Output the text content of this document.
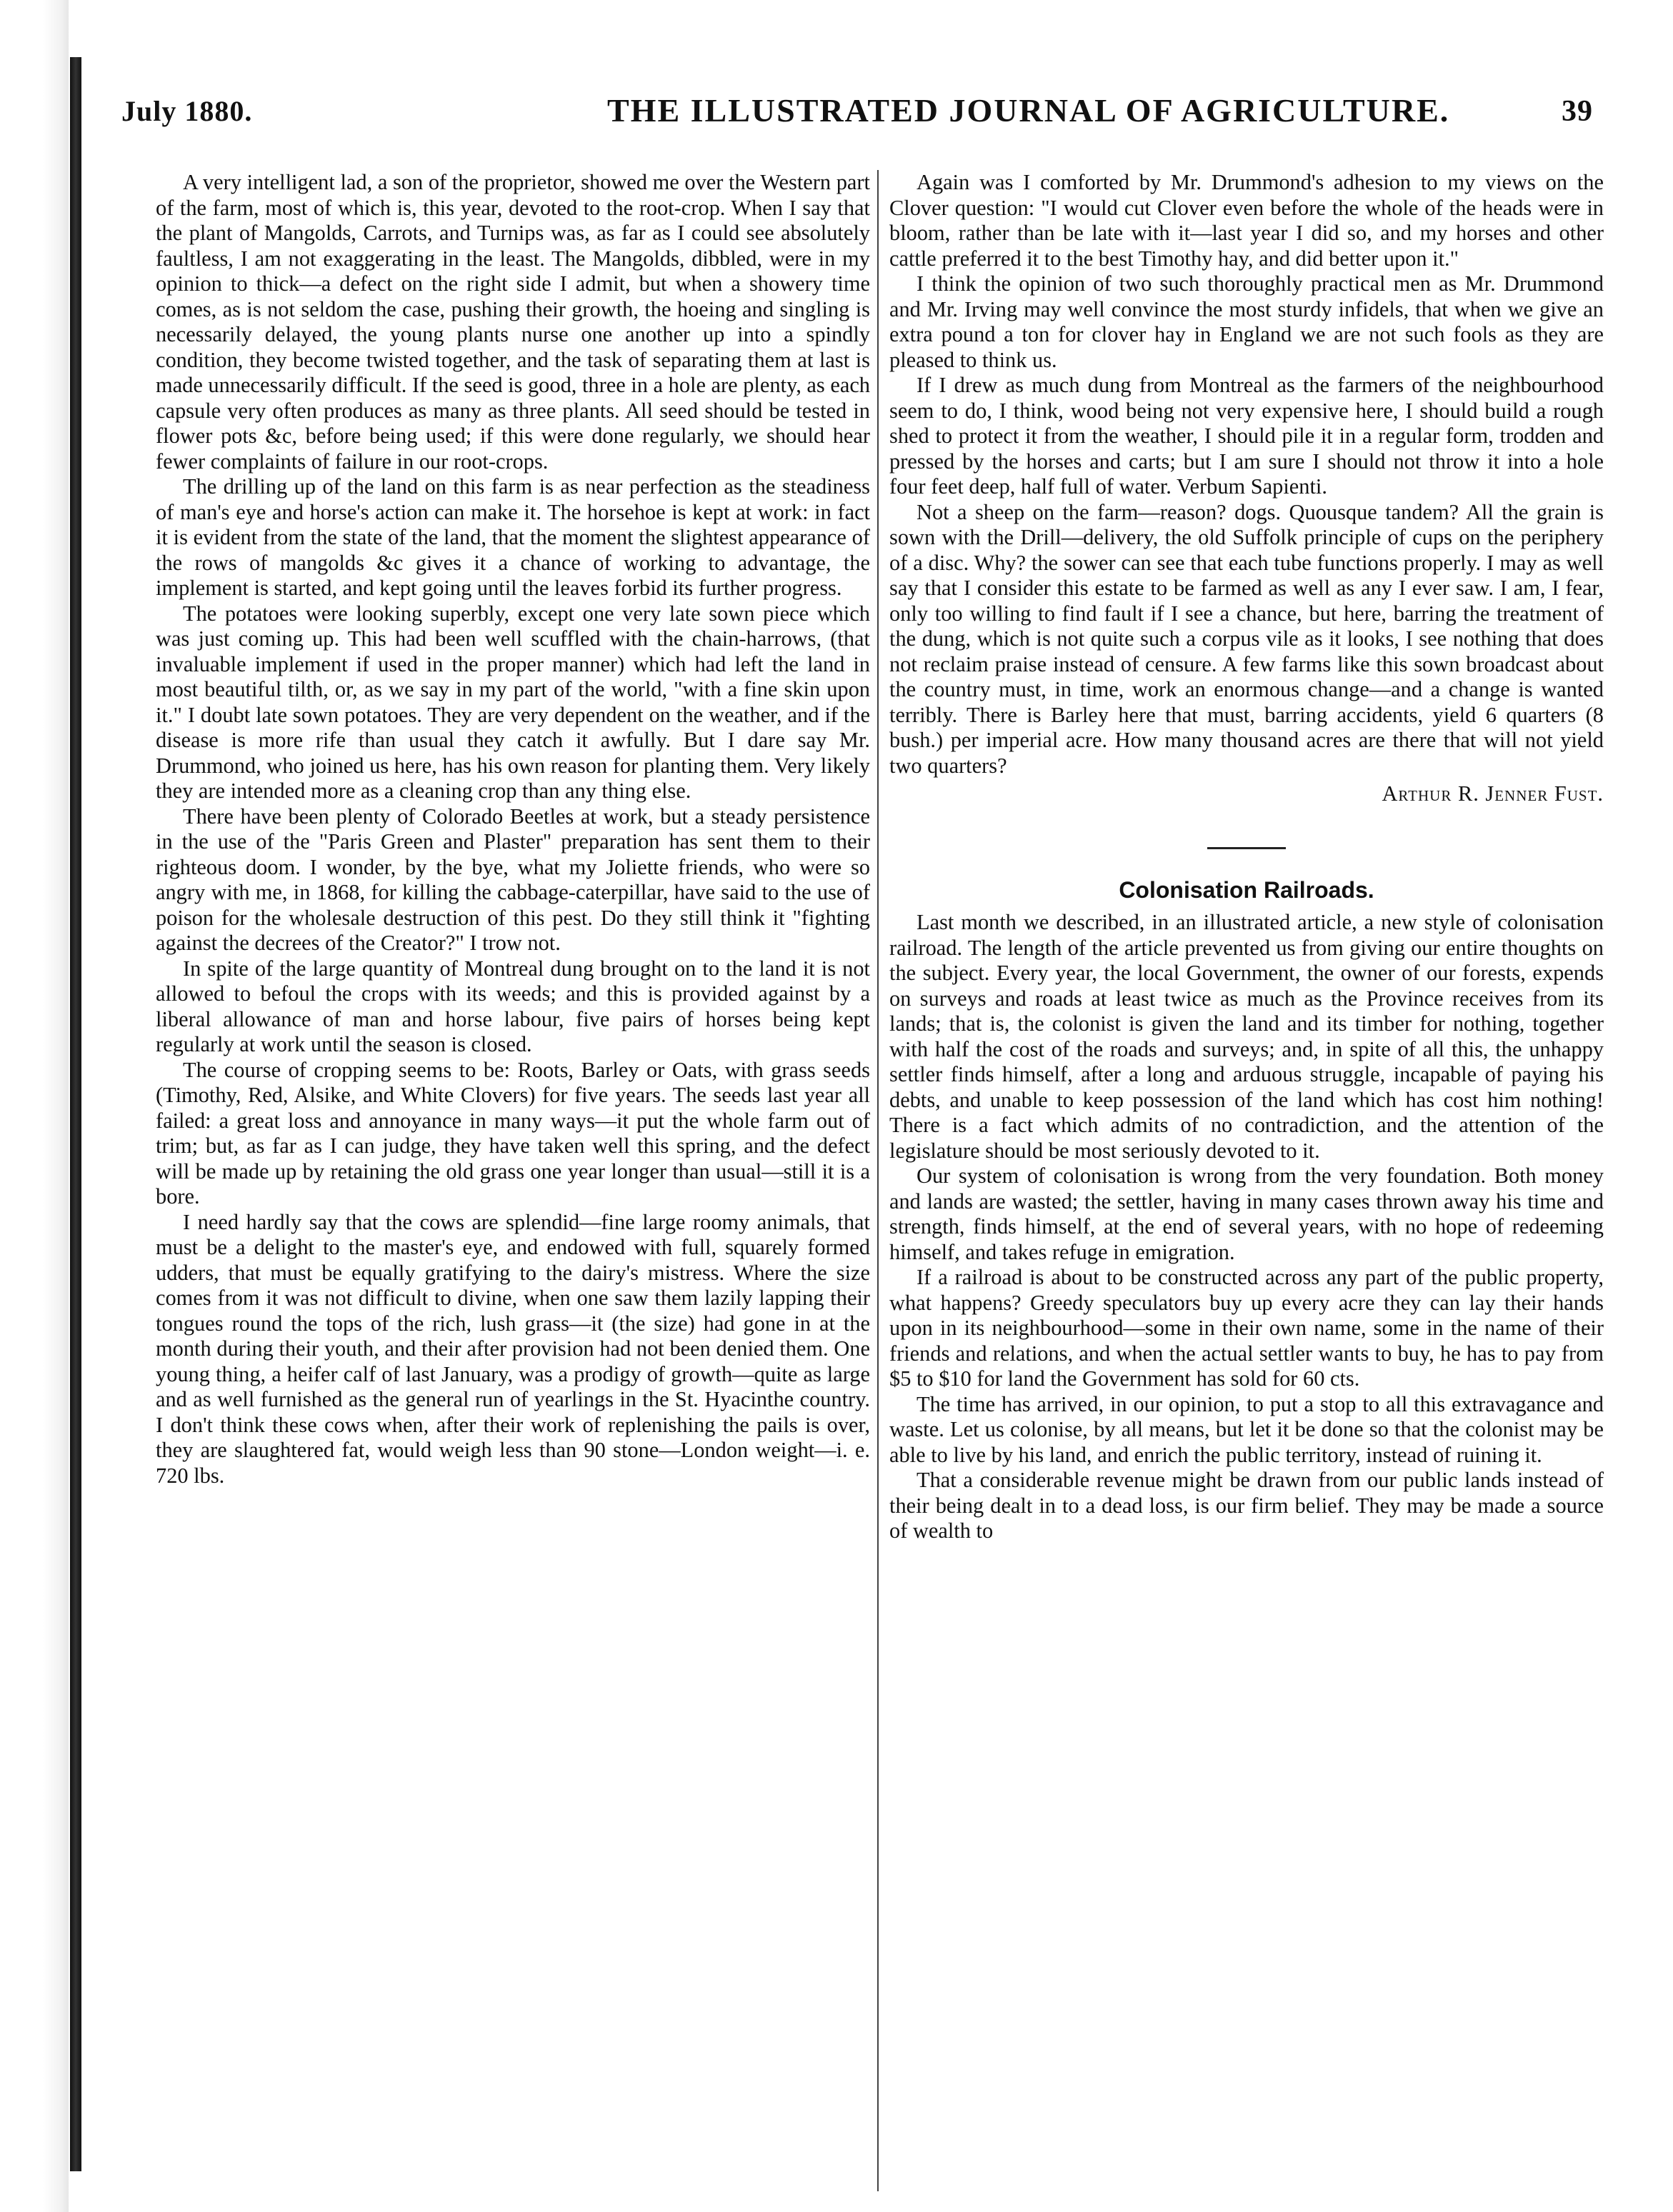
July 1880.	THE ILLUSTRATED JOURNAL OF AGRICULTURE.	39

A very intelligent lad, a son of the proprietor, showed me over the Western part of the farm, most of which is, this year, devoted to the root-crop. When I say that the plant of Mangolds, Carrots, and Turnips was, as far as I could see absolutely faultless, I am not exaggerating in the least. The Mangolds, dibbled, were in my opinion to thick—a defect on the right side I admit, but when a showery time comes, as is not seldom the case, pushing their growth, the hoeing and singling is necessarily delayed, the young plants nurse one another up into a spindly condition, they become twisted together, and the task of separating them at last is made unnecessarily difficult. If the seed is good, three in a hole are plenty, as each capsule very often produces as many as three plants. All seed should be tested in flower pots &c, before being used; if this were done regularly, we should hear fewer complaints of failure in our root-crops.

The drilling up of the land on this farm is as near perfection as the steadiness of man's eye and horse's action can make it. The horsehoe is kept at work: in fact it is evident from the state of the land, that the moment the slightest appearance of the rows of mangolds &c gives it a chance of working to advantage, the implement is started, and kept going until the leaves forbid its further progress.

The potatoes were looking superbly, except one very late sown piece which was just coming up. This had been well scuffled with the chain-harrows, (that invaluable implement if used in the proper manner) which had left the land in most beautiful tilth, or, as we say in my part of the world, "with a fine skin upon it." I doubt late sown potatoes. They are very dependent on the weather, and if the disease is more rife than usual they catch it awfully. But I dare say Mr. Drummond, who joined us here, has his own reason for planting them. Very likely they are intended more as a cleaning crop than any thing else.

There have been plenty of Colorado Beetles at work, but a steady persistence in the use of the "Paris Green and Plaster" preparation has sent them to their righteous doom. I wonder, by the bye, what my Joliette friends, who were so angry with me, in 1868, for killing the cabbage-caterpillar, have said to the use of poison for the wholesale destruction of this pest. Do they still think it "fighting against the decrees of the Creator?" I trow not.

In spite of the large quantity of Montreal dung brought on to the land it is not allowed to befoul the crops with its weeds; and this is provided against by a liberal allowance of man and horse labour, five pairs of horses being kept regularly at work until the season is closed.

The course of cropping seems to be: Roots, Barley or Oats, with grass seeds (Timothy, Red, Alsike, and White Clovers) for five years. The seeds last year all failed: a great loss and annoyance in many ways—it put the whole farm out of trim; but, as far as I can judge, they have taken well this spring, and the defect will be made up by retaining the old grass one year longer than usual—still it is a bore.

I need hardly say that the cows are splendid—fine large roomy animals, that must be a delight to the master's eye, and endowed with full, squarely formed udders, that must be equally gratifying to the dairy's mistress. Where the size comes from it was not difficult to divine, when one saw them lazily lapping their tongues round the tops of the rich, lush grass—it (the size) had gone in at the month during their youth, and their after provision had not been denied them. One young thing, a heifer calf of last January, was a prodigy of growth—quite as large and as well furnished as the general run of yearlings in the St. Hyacinthe country. I don't think these cows when, after their work of replenishing the pails is over, they are slaughtered fat, would weigh less than 90 stone—London weight—i. e. 720 lbs.

Again was I comforted by Mr. Drummond's adhesion to my views on the Clover question: "I would cut Clover even before the whole of the heads were in bloom, rather than be late with it—last year I did so, and my horses and other cattle preferred it to the best Timothy hay, and did better upon it."

I think the opinion of two such thoroughly practical men as Mr. Drummond and Mr. Irving may well convince the most sturdy infidels, that when we give an extra pound a ton for clover hay in England we are not such fools as they are pleased to think us.

If I drew as much dung from Montreal as the farmers of the neighbourhood seem to do, I think, wood being not very expensive here, I should build a rough shed to protect it from the weather, I should pile it in a regular form, trodden and pressed by the horses and carts; but I am sure I should not throw it into a hole four feet deep, half full of water. Verbum Sapienti.

Not a sheep on the farm—reason? dogs. Quousque tandem? All the grain is sown with the Drill—delivery, the old Suffolk principle of cups on the periphery of a disc. Why? the sower can see that each tube functions properly. I may as well say that I consider this estate to be farmed as well as any I ever saw. I am, I fear, only too willing to find fault if I see a chance, but here, barring the treatment of the dung, which is not quite such a corpus vile as it looks, I see nothing that does not reclaim praise instead of censure. A few farms like this sown broadcast about the country must, in time, work an enormous change—and a change is wanted terribly. There is Barley here that must, barring accidents, yield 6 quarters (8 bush.) per imperial acre. How many thousand acres are there that will not yield two quarters?

Arthur R. Jenner Fust.
Colonisation Railroads.

Last month we described, in an illustrated article, a new style of colonisation railroad. The length of the article prevented us from giving our entire thoughts on the subject. Every year, the local Government, the owner of our forests, expends on surveys and roads at least twice as much as the Province receives from its lands; that is, the colonist is given the land and its timber for nothing, together with half the cost of the roads and surveys; and, in spite of all this, the unhappy settler finds himself, after a long and arduous struggle, incapable of paying his debts, and unable to keep possession of the land which has cost him nothing! There is a fact which admits of no contradiction, and the attention of the legislature should be most seriously devoted to it.

Our system of colonisation is wrong from the very foundation. Both money and lands are wasted; the settler, having in many cases thrown away his time and strength, finds himself, at the end of several years, with no hope of redeeming himself, and takes refuge in emigration.

If a railroad is about to be constructed across any part of the public property, what happens? Greedy speculators buy up every acre they can lay their hands upon in its neighbourhood—some in their own name, some in the name of their friends and relations, and when the actual settler wants to buy, he has to pay from $5 to $10 for land the Government has sold for 60 cts.

The time has arrived, in our opinion, to put a stop to all this extravagance and waste. Let us colonise, by all means, but let it be done so that the colonist may be able to live by his land, and enrich the public territory, instead of ruining it.

That a considerable revenue might be drawn from our public lands instead of their being dealt in to a dead loss, is our firm belief. They may be made a source of wealth to
